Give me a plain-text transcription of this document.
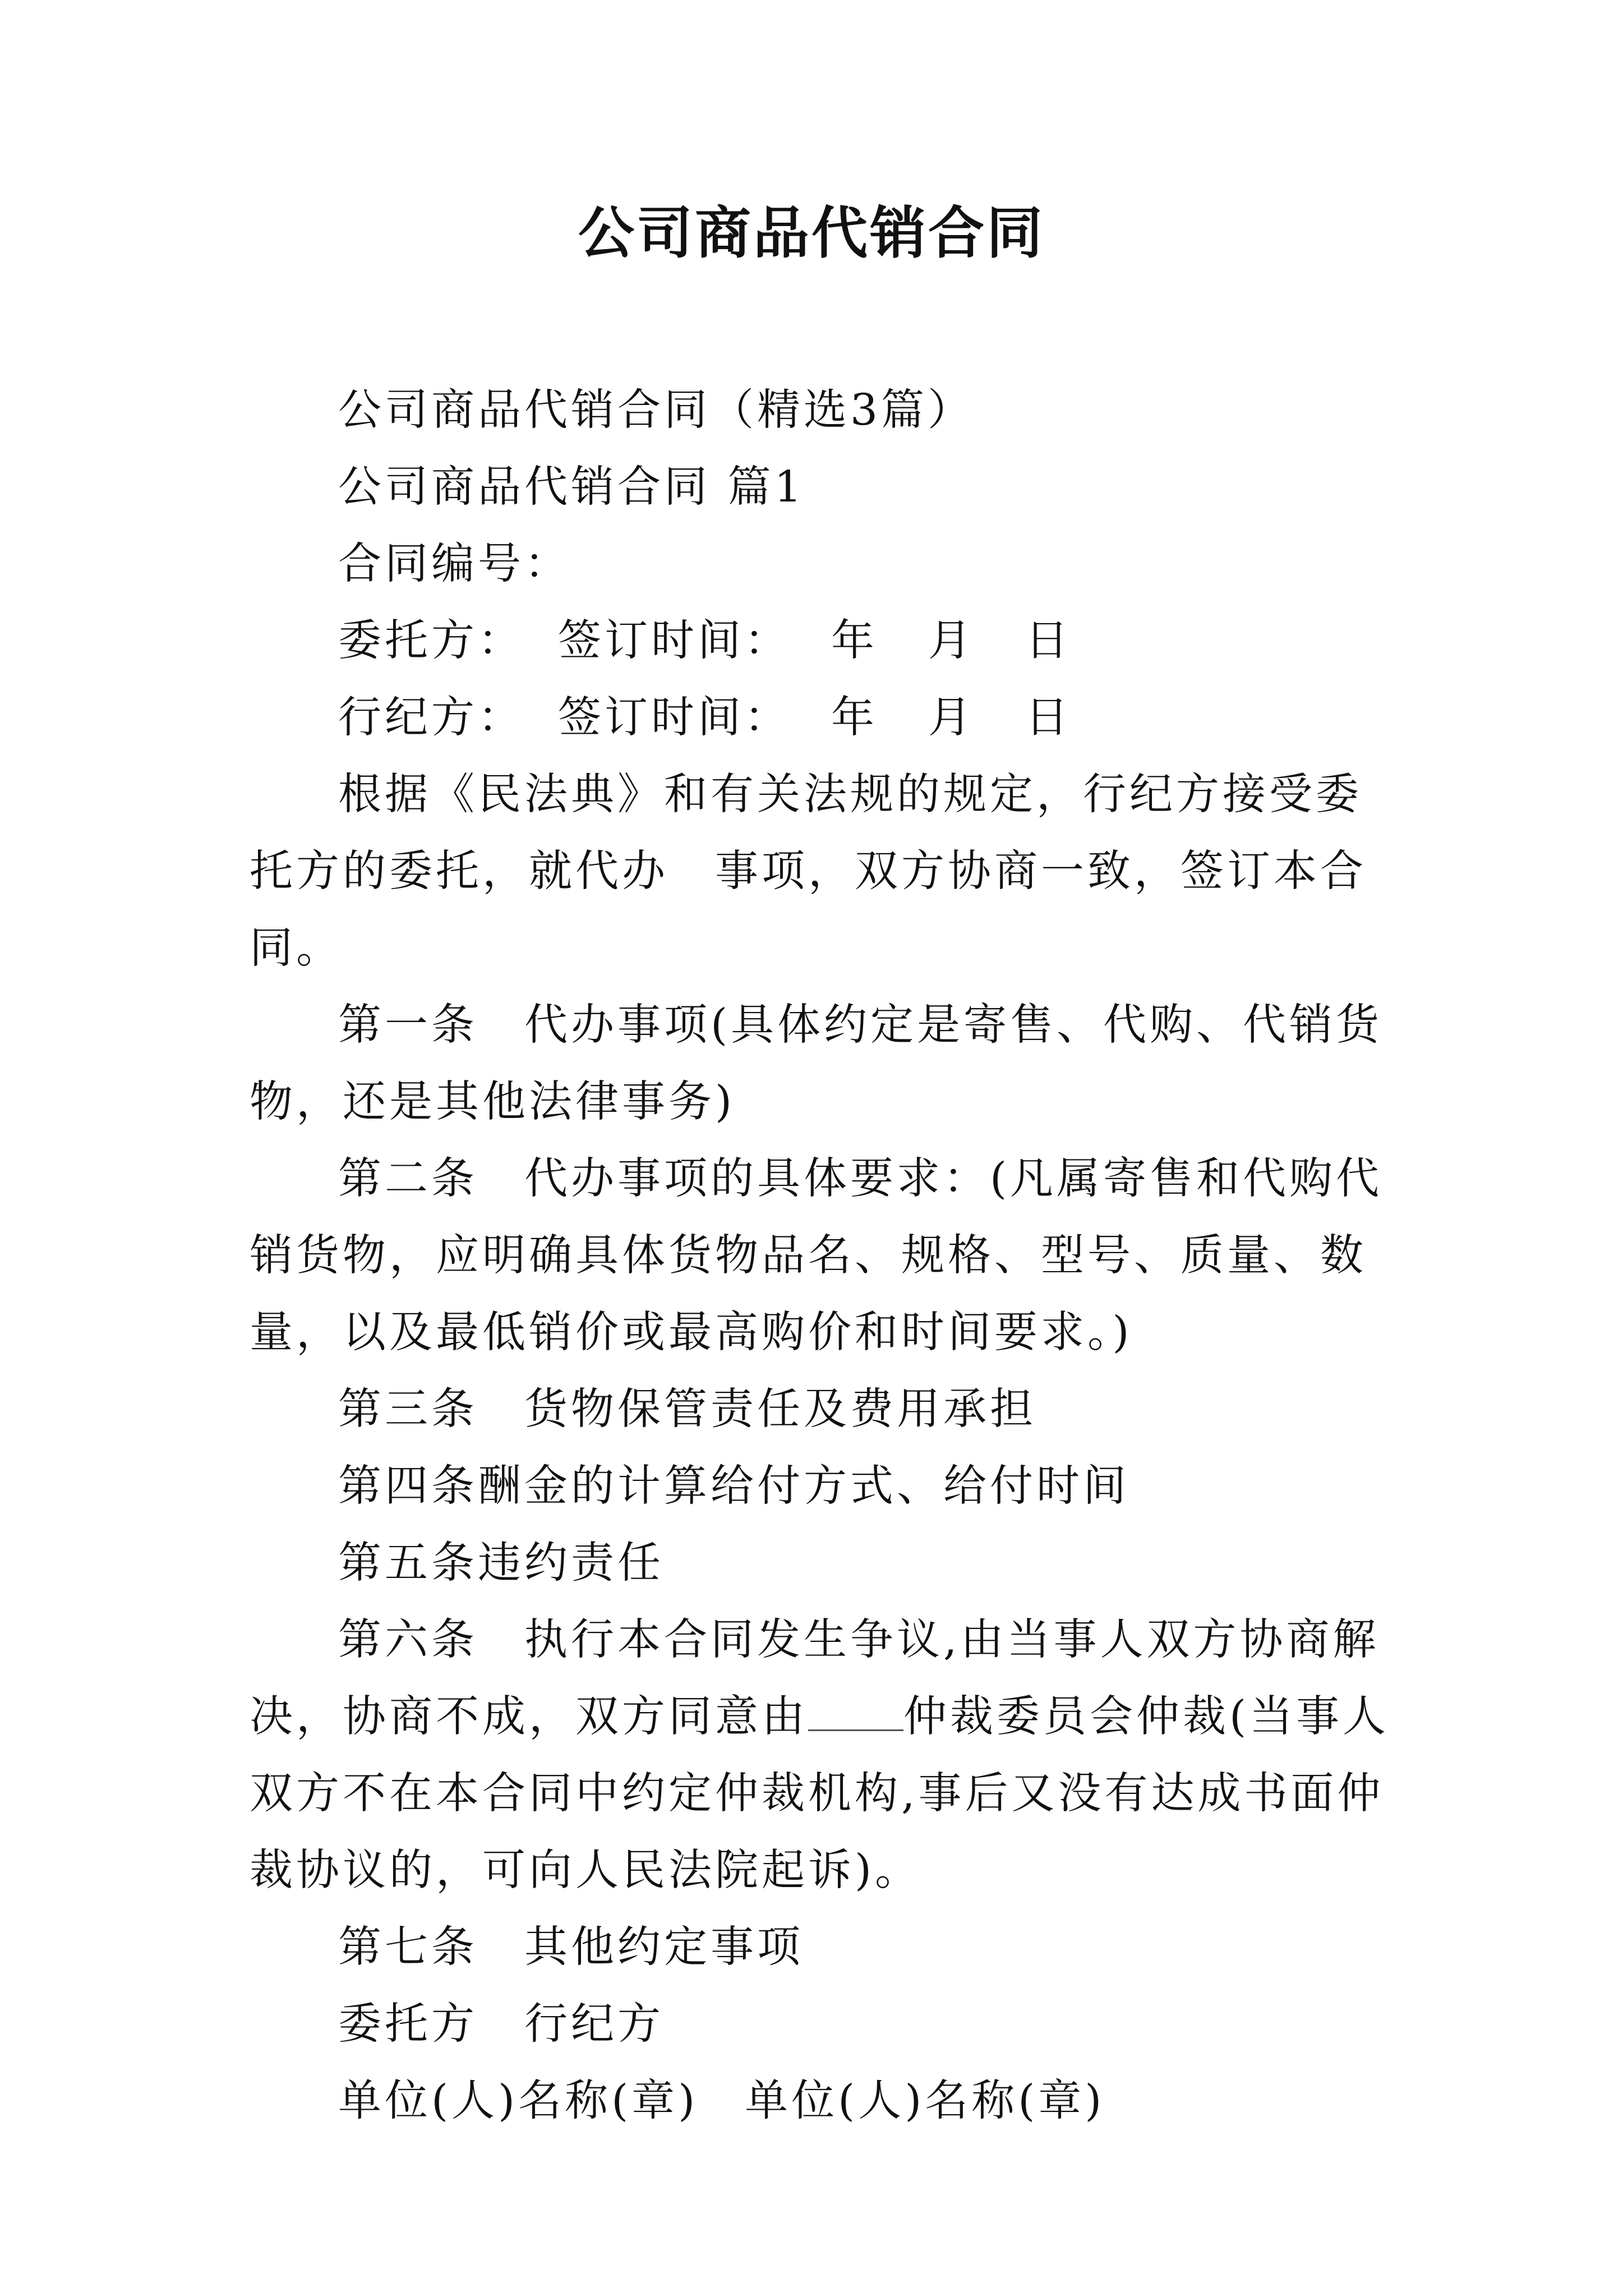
公司商品代销合同

公司商品代销合同（精选3篇）

公司商品代销合同 篇1

合同编号：

委托方： 签订时间： 年 月 日

行纪方： 签订时间： 年 月 日

根据《民法典》和有关法规的规定，行纪方接受委托方的委托，就代办　事项，双方协商一致，签订本合同。

第一条　代办事项(具体约定是寄售、代购、代销货物，还是其他法律事务)

第二条　代办事项的具体要求：(凡属寄售和代购代销货物，应明确具体货物品名、规格、型号、质量、数量，以及最低销价或最高购价和时间要求。)

第三条　货物保管责任及费用承担

第四条酬金的计算给付方式、给付时间

第五条违约责任

第六条　执行本合同发生争议,由当事人双方协商解决，协商不成，双方同意由 仲裁委员会仲裁(当事人双方不在本合同中约定仲裁机构,事后又没有达成书面仲裁协议的，可向人民法院起诉)。

第七条　其他约定事项

委托方　行纪方

单位(人)名称(章)　单位(人)名称(章)
